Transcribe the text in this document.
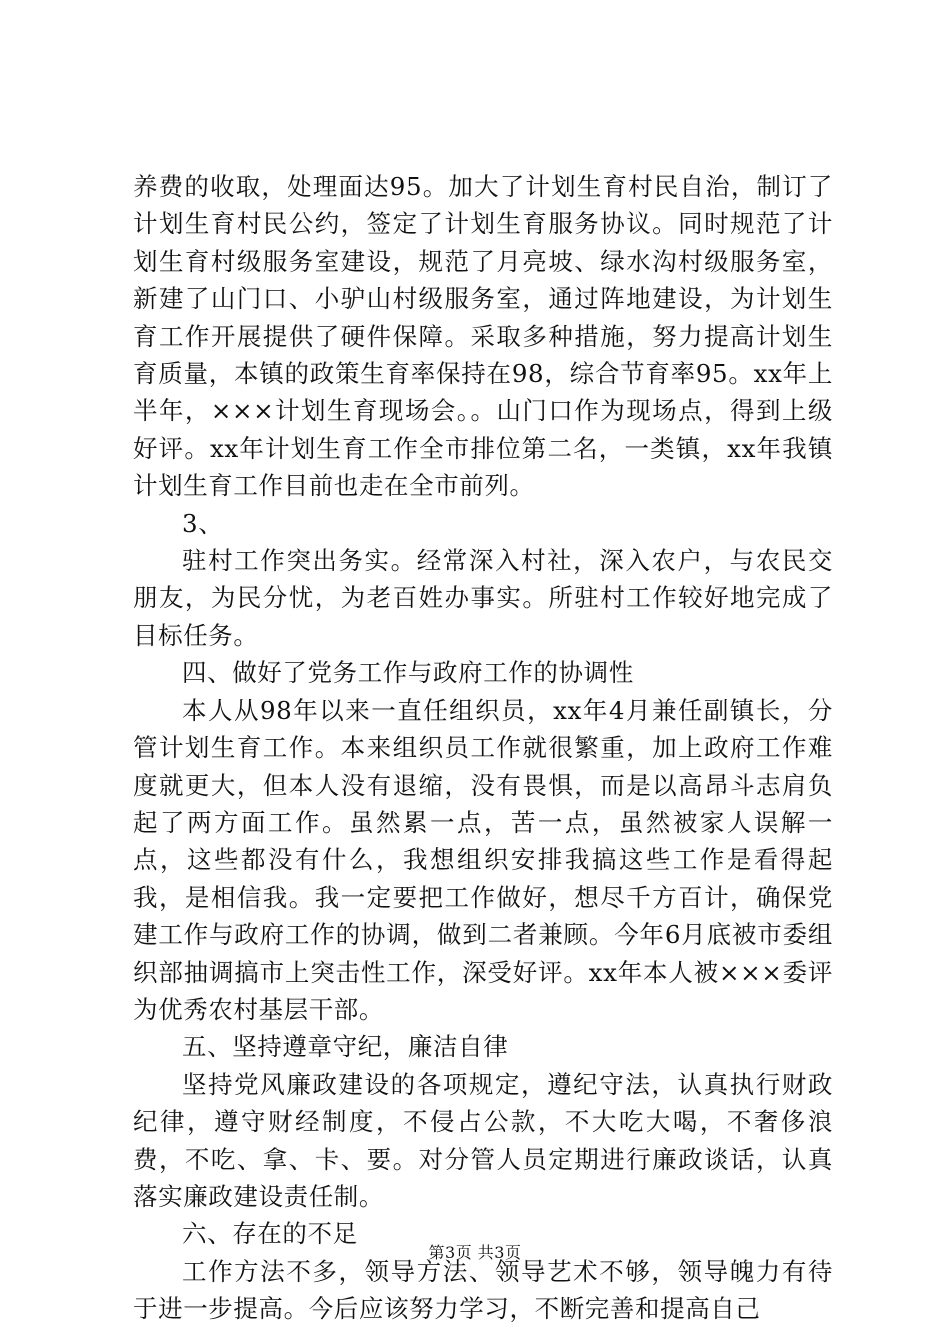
养费的收取，处理面达95。加大了计划生育村民自治，制订了计划生育村民公约，签定了计划生育服务协议。同时规范了计划生育村级服务室建设，规范了月亮坡、绿水沟村级服务室，新建了山门口、小驴山村级服务室，通过阵地建设，为计划生育工作开展提供了硬件保障。采取多种措施，努力提高计划生育质量，本镇的政策生育率保持在98，综合节育率95。xx年上半年，×××计划生育现场会。。山门口作为现场点，得到上级好评。xx年计划生育工作全市排位第二名，一类镇，xx年我镇计划生育工作目前也走在全市前列。

3、

驻村工作突出务实。经常深入村社，深入农户，与农民交朋友，为民分忧，为老百姓办事实。所驻村工作较好地完成了目标任务。

四、做好了党务工作与政府工作的协调性

本人从98年以来一直任组织员，xx年4月兼任副镇长，分管计划生育工作。本来组织员工作就很繁重，加上政府工作难度就更大，但本人没有退缩，没有畏惧，而是以高昂斗志肩负起了两方面工作。虽然累一点，苦一点，虽然被家人误解一点，这些都没有什么，我想组织安排我搞这些工作是看得起我，是相信我。我一定要把工作做好，想尽千方百计，确保党建工作与政府工作的协调，做到二者兼顾。今年6月底被市委组织部抽调搞市上突击性工作，深受好评。xx年本人被×××委评为优秀农村基层干部。

五、坚持遵章守纪，廉洁自律

坚持党风廉政建设的各项规定，遵纪守法，认真执行财政纪律，遵守财经制度，不侵占公款，不大吃大喝，不奢侈浪费，不吃、拿、卡、要。对分管人员定期进行廉政谈话，认真落实廉政建设责任制。

六、存在的不足

工作方法不多，领导方法、领导艺术不够，领导魄力有待于进一步提高。今后应该努力学习，不断完善和提高自己

第3页 共3页
